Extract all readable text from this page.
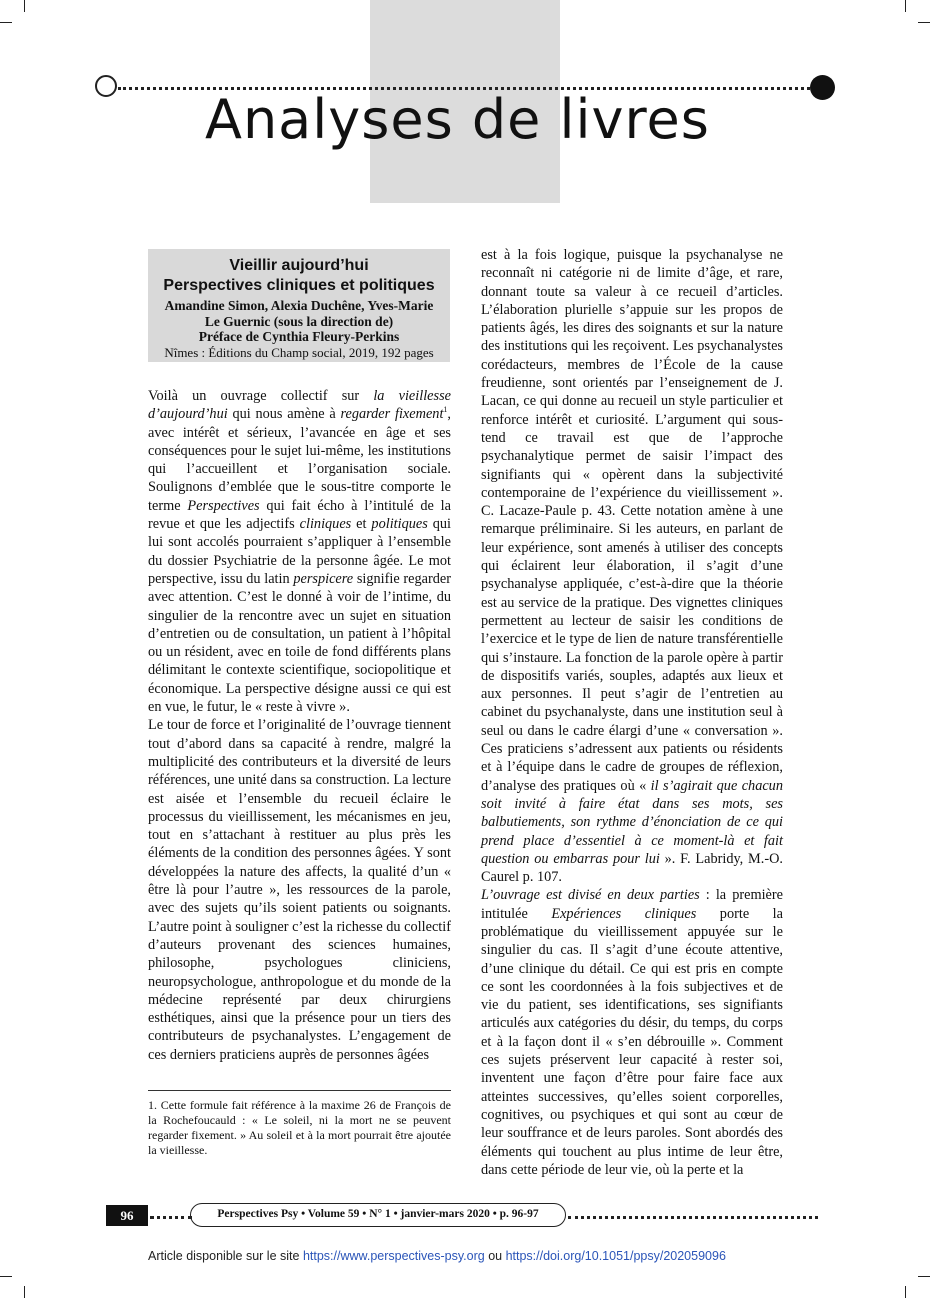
Analyses de livres
Vieillir aujourd’hui
Perspectives cliniques et politiques
Amandine Simon, Alexia Duchêne, Yves-Marie
Le Guernic (sous la direction de)
Préface de Cynthia Fleury-Perkins
Nîmes : Éditions du Champ social, 2019, 192 pages

Voilà un ouvrage collectif sur la vieillesse d’aujourd’hui qui nous amène à regarder fixement$^1$, avec intérêt et sérieux, l’avancée en âge et ses conséquences pour le sujet lui-même, les institutions qui l’accueillent et l’organisation sociale. Soulignons d’emblée que le sous-titre comporte le terme Perspectives qui fait écho à l’intitulé de la revue et que les adjectifs cliniques et politiques qui lui sont accolés pourraient s’appliquer à l’ensemble du dossier Psychiatrie de la personne âgée. Le mot perspective, issu du latin perspicere signifie regarder avec attention. C’est le donné à voir de l’intime, du singulier de la rencontre avec un sujet en situation d’entretien ou de consultation, un patient à l’hôpital ou un résident, avec en toile de fond différents plans délimitant le contexte scientifique, sociopolitique et économique. La perspective désigne aussi ce qui est en vue, le futur, le « reste à vivre ».

Le tour de force et l’originalité de l’ouvrage tiennent tout d’abord dans sa capacité à rendre, malgré la multiplicité des contributeurs et la diversité de leurs références, une unité dans sa construction. La lecture est aisée et l’ensemble du recueil éclaire le processus du vieillissement, les mécanismes en jeu, tout en s’attachant à restituer au plus près les éléments de la condition des personnes âgées. Y sont développées la nature des affects, la qualité d’un « être là pour l’autre », les ressources de la parole, avec des sujets qu’ils soient patients ou soignants. L’autre point à souligner c’est la richesse du collectif d’auteurs provenant des sciences humaines, philosophe, psychologues cliniciens, neuropsychologue, anthropologue et du monde de la médecine représenté par deux chirurgiens esthétiques, ainsi que la présence pour un tiers des contributeurs de psychanalystes. L’engagement de ces derniers praticiens auprès de personnes âgées

est à la fois logique, puisque la psychanalyse ne reconnaît ni catégorie ni de limite d’âge, et rare, donnant toute sa valeur à ce recueil d’articles. L’élaboration plurielle s’appuie sur les propos de patients âgés, les dires des soignants et sur la nature des institutions qui les reçoivent. Les psychanalystes corédacteurs, membres de l’École de la cause freudienne, sont orientés par l’enseignement de J. Lacan, ce qui donne au recueil un style particulier et renforce intérêt et curiosité. L’argument qui sous-tend ce travail est que de l’approche psychanalytique permet de saisir l’impact des signifiants qui « opèrent dans la subjectivité contemporaine de l’expérience du vieillissement ». C. Lacaze-Paule p. 43. Cette notation amène à une remarque préliminaire. Si les auteurs, en parlant de leur expérience, sont amenés à utiliser des concepts qui éclairent leur élaboration, il s’agit d’une psychanalyse appliquée, c’est-à-dire que la théorie est au service de la pratique. Des vignettes cliniques permettent au lecteur de saisir les conditions de l’exercice et le type de lien de nature transférentielle qui s’instaure. La fonction de la parole opère à partir de dispositifs variés, souples, adaptés aux lieux et aux personnes. Il peut s’agir de l’entretien au cabinet du psychanalyste, dans une institution seul à seul ou dans le cadre élargi d’une « conversation ». Ces praticiens s’adressent aux patients ou résidents et à l’équipe dans le cadre de groupes de réflexion, d’analyse des pratiques où « il s’agirait que chacun soit invité à faire état dans ses mots, ses balbutiements, son rythme d’énonciation de ce qui prend place d’essentiel à ce moment-là et fait question ou embarras pour lui ». F. Labridy, M.-O. Caurel p. 107.

L’ouvrage est divisé en deux parties : la première intitulée Expériences cliniques porte la problématique du vieillissement appuyée sur le singulier du cas. Il s’agit d’une écoute attentive, d’une clinique du détail. Ce qui est pris en compte ce sont les coordonnées à la fois subjectives et de vie du patient, ses identifications, ses signifiants articulés aux catégories du désir, du temps, du corps et à la façon dont il « s’en débrouille ». Comment ces sujets préservent leur capacité à rester soi, inventent une façon d’être pour faire face aux atteintes successives, qu’elles soient corporelles, cognitives, ou psychiques et qui sont au cœur de leur souffrance et de leurs paroles. Sont abordés des éléments qui touchent au plus intime de leur être, dans cette période de leur vie, où la perte et la

1. Cette formule fait référence à la maxime 26 de François de la Rochefoucauld : « Le soleil, ni la mort ne se peuvent regarder fixement. » Au soleil et à la mort pourrait être ajoutée la vieillesse.
96	Perspectives Psy • Volume 59 • N° 1 • janvier-mars 2020 • p. 96-97
Article disponible sur le site https://www.perspectives-psy.org ou https://doi.org/10.1051/ppsy/202059096
